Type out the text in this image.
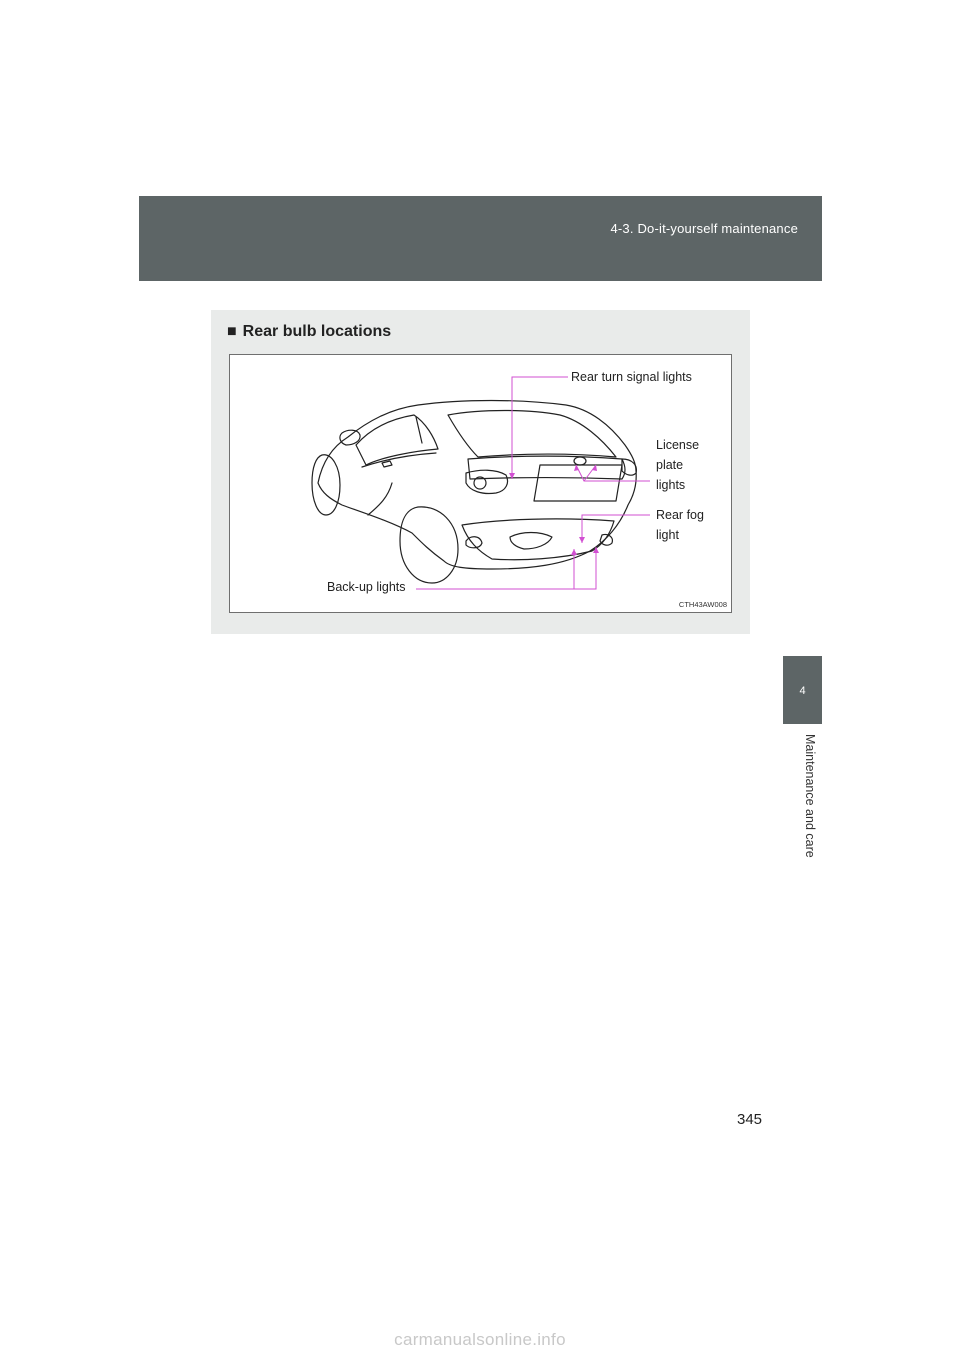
4-3. Do-it-yourself maintenance
4
Maintenance and care
■ Rear bulb locations
Rear turn signal lights
License
plate
lights
Rear fog
light
Back-up lights
CTH43AW008
345
carmanualsonline.info
